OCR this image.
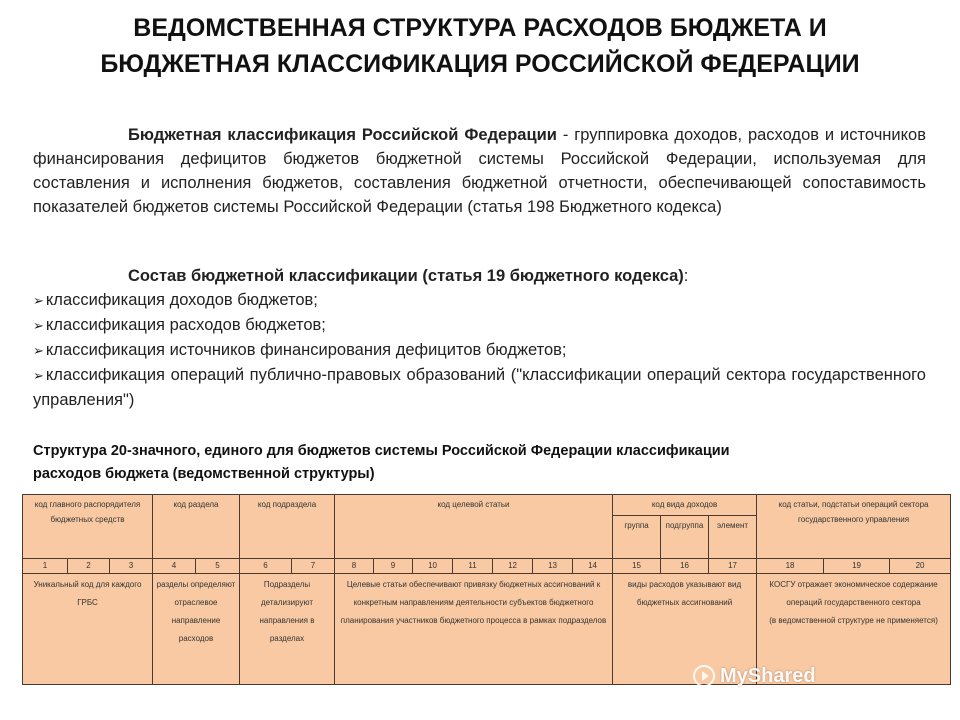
ВЕДОМСТВЕННАЯ СТРУКТУРА РАСХОДОВ БЮДЖЕТА И
БЮДЖЕТНАЯ КЛАССИФИКАЦИЯ РОССИЙСКОЙ ФЕДЕРАЦИИ
Бюджетная классификация Российской Федерации - группировка доходов, расходов и источников финансирования дефицитов бюджетов бюджетной системы Российской Федерации, используемая для составления и исполнения бюджетов, составления бюджетной отчетности, обеспечивающей сопоставимость показателей бюджетов системы Российской Федерации (статья 198 Бюджетного кодекса)
Состав бюджетной классификации (статья 19 бюджетного кодекса):
➢ классификация доходов бюджетов;
➢ классификация расходов бюджетов;
➢ классификация источников финансирования дефицитов бюджетов;
➢ классификация операций публично-правовых образований ("классификации операций сектора государственного управления")
Структура 20-значного, единого для бюджетов системы Российской Федерации классификации
расходов бюджета (ведомственной структуры)
код главного распорядителя бюджетных средств			код раздела		код подраздела		код целевой статьи							код вида доходов			код статьи, подстатьи операций сектора государственного управления		
														группа	подгруппа	элемент			
1	2	3	4	5	6	7	8	9	10	11	12	13	14	15	16	17	18	19	20
Уникальный код для каждого ГРБС			разделы определяют отраслевое направление расходов		Подразделы детализируют направления в разделах		Целевые статьи обеспечивают привязку бюджетных ассигнований к конкретным направлениям деятельности субъектов бюджетного планирования участников бюджетного процесса в рамках подразделов							виды расходов указывают вид бюджетных ассигнований			КОСГУ отражает экономическое содержание операций государственного сектора
(в ведомственной структуре не применяется)		
MyShared
